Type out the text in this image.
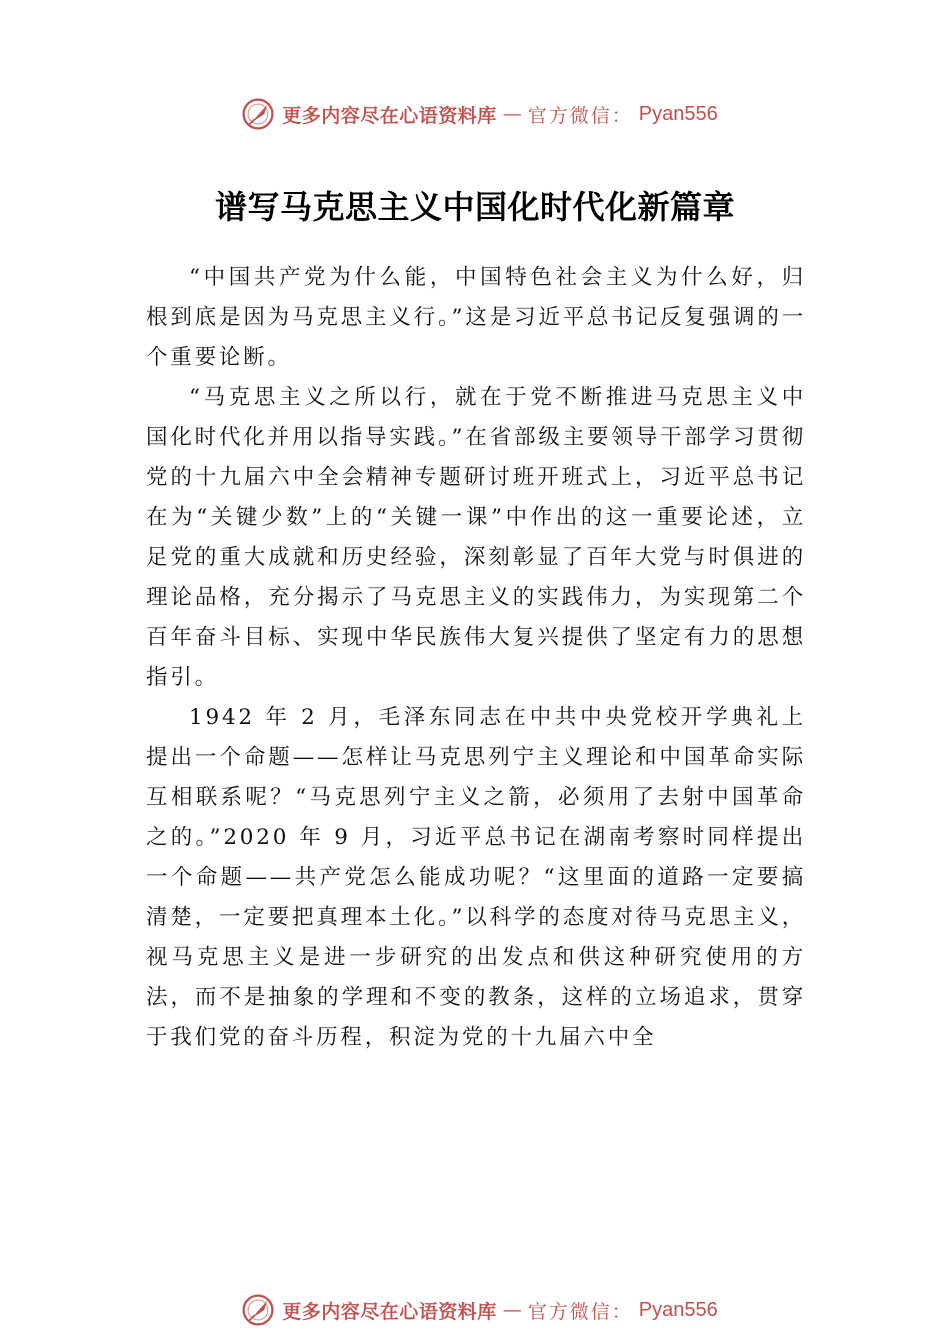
更多内容尽在心语资料库 — 官方微信： Pyan556
谱写马克思主义中国化时代化新篇章

“中国共产党为什么能，中国特色社会主义为什么好，归根到底是因为马克思主义行。”这是习近平总书记反复强调的一个重要论断。

“马克思主义之所以行，就在于党不断推进马克思主义中国化时代化并用以指导实践。”在省部级主要领导干部学习贯彻党的十九届六中全会精神专题研讨班开班式上，习近平总书记在为“关键少数”上的“关键一课”中作出的这一重要论述，立足党的重大成就和历史经验，深刻彰显了百年大党与时俱进的理论品格，充分揭示了马克思主义的实践伟力，为实现第二个百年奋斗目标、实现中华民族伟大复兴提供了坚定有力的思想指引。

1942 年 2 月，毛泽东同志在中共中央党校开学典礼上提出一个命题——怎样让马克思列宁主义理论和中国革命实际互相联系呢？“马克思列宁主义之箭，必须用了去射中国革命之的。”2020 年 9 月，习近平总书记在湖南考察时同样提出一个命题——共产党怎么能成功呢？“这里面的道路一定要搞清楚，一定要把真理本土化。”以科学的态度对待马克思主义，视马克思主义是进一步研究的出发点和供这种研究使用的方法，而不是抽象的学理和不变的教条，这样的立场追求，贯穿于我们党的奋斗历程，积淀为党的十九届六中全

更多内容尽在心语资料库 — 官方微信： Pyan556
